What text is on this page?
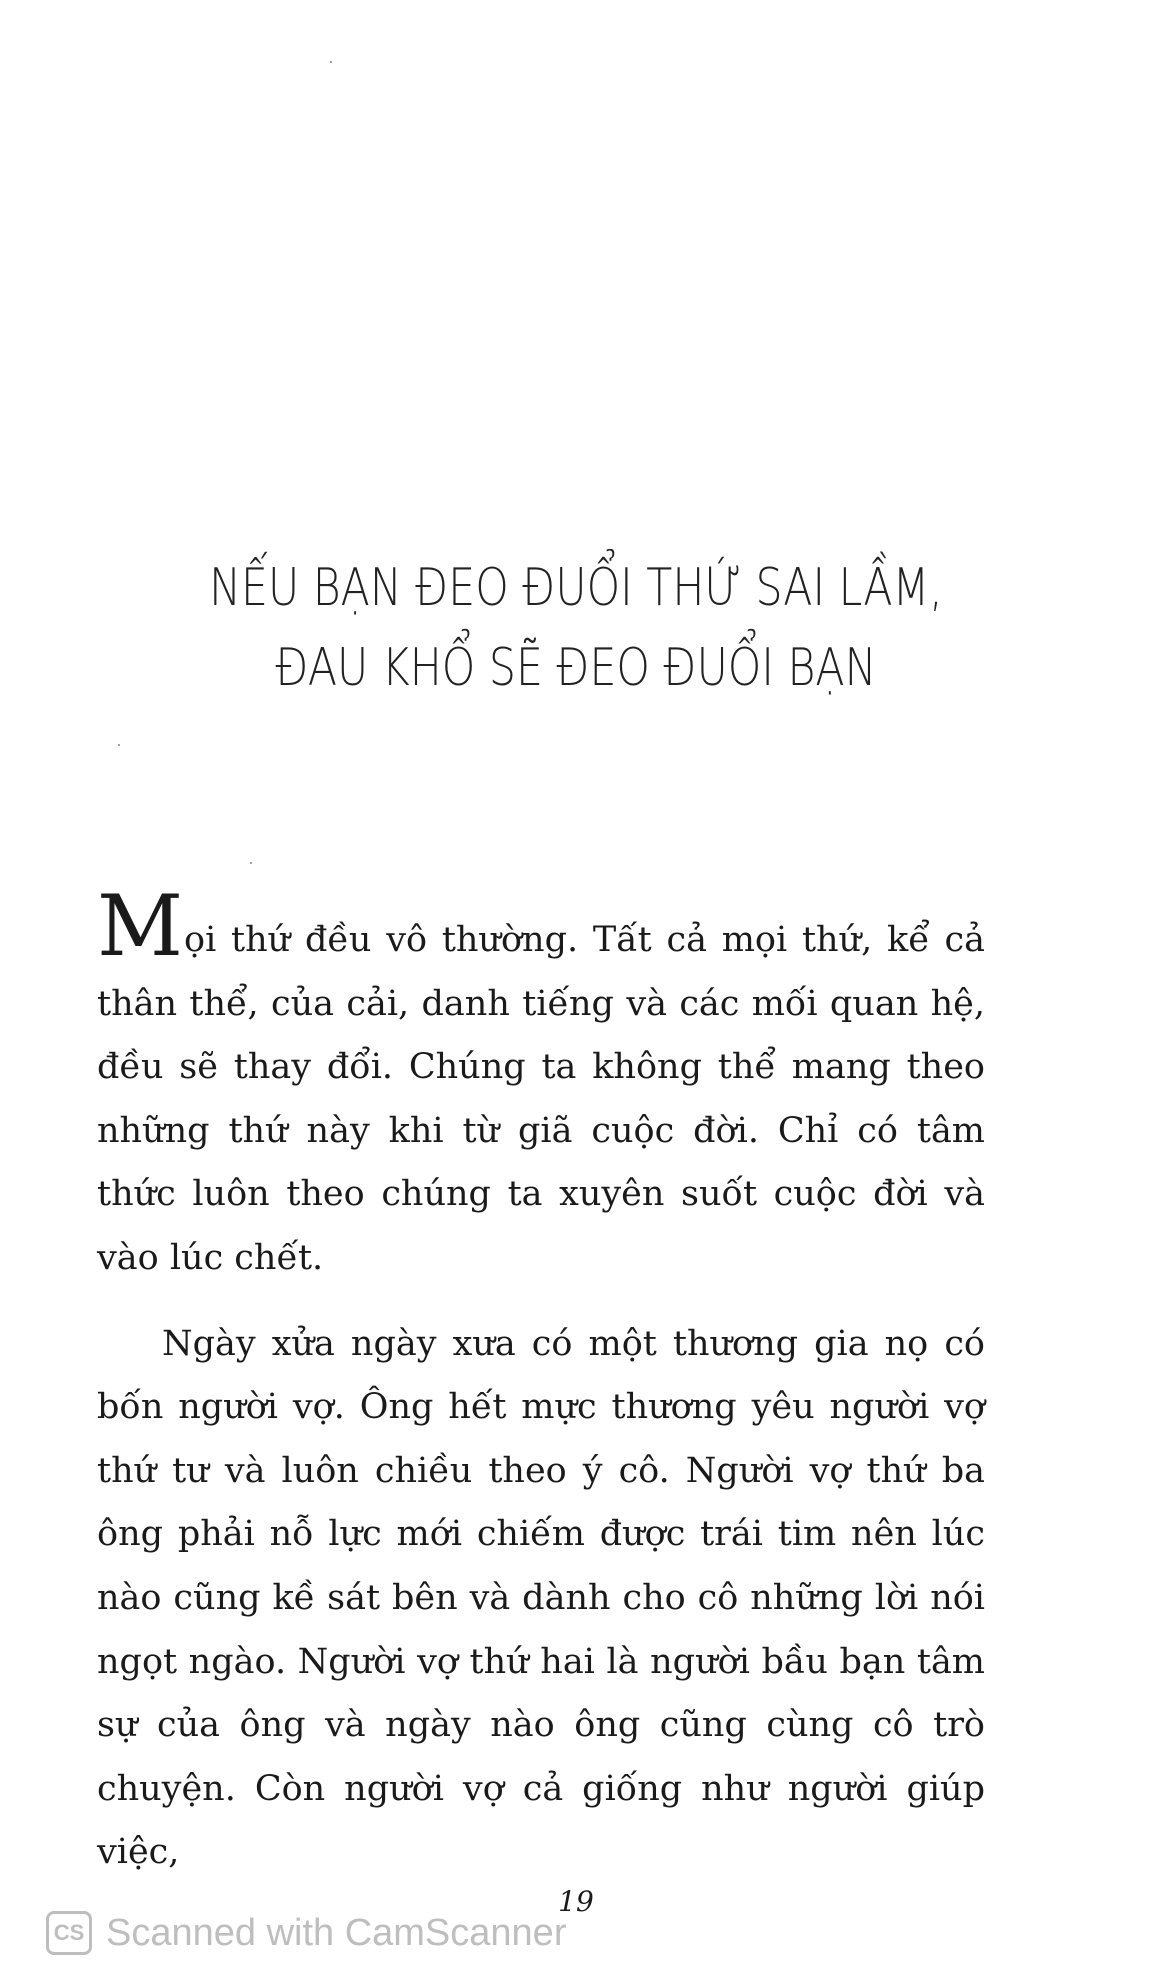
NẾU BẠN ĐEO ĐUỔI THỨ SAI LẦM,
ĐAU KHỔ SẼ ĐEO ĐUỔI BẠN

Mọi thứ đều vô thường. Tất cả mọi thứ, kể cả thân thể, của cải, danh tiếng và các mối quan hệ, đều sẽ thay đổi. Chúng ta không thể mang theo những thứ này khi từ giã cuộc đời. Chỉ có tâm thức luôn theo chúng ta xuyên suốt cuộc đời và vào lúc chết.

Ngày xửa ngày xưa có một thương gia nọ có bốn người vợ. Ông hết mực thương yêu người vợ thứ tư và luôn chiều theo ý cô. Người vợ thứ ba ông phải nỗ lực mới chiếm được trái tim nên lúc nào cũng kề sát bên và dành cho cô những lời nói ngọt ngào. Người vợ thứ hai là người bầu bạn tâm sự của ông và ngày nào ông cũng cùng cô trò chuyện. Còn người vợ cả giống như người giúp việc,

19
CS Scanned with CamScanner
